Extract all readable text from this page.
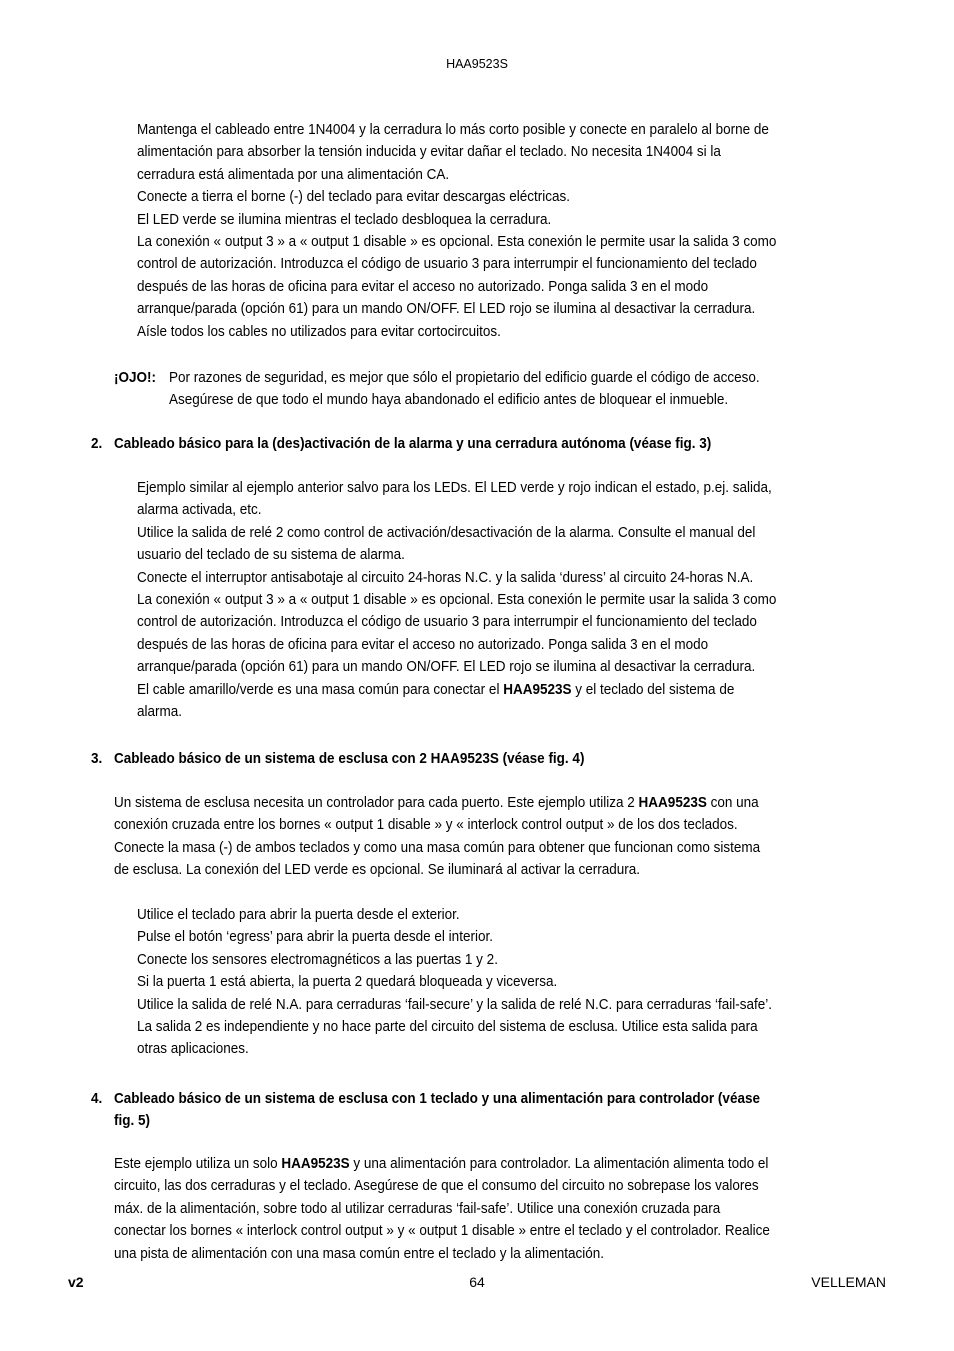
HAA9523S
Mantenga el cableado entre 1N4004 y la cerradura lo más corto posible y conecte en paralelo al borne de
alimentación para absorber la tensión inducida y evitar dañar el teclado. No necesita 1N4004 si la
cerradura está alimentada por una alimentación CA.
Conecte a tierra el borne (-) del teclado para evitar descargas eléctricas.
El LED verde se ilumina mientras el teclado desbloquea la cerradura.
La conexión « output 3 » a « output 1 disable » es opcional. Esta conexión le permite usar la salida 3 como
control de autorización. Introduzca el código de usuario 3 para interrumpir el funcionamiento del teclado
después de las horas de oficina para evitar el acceso no autorizado. Ponga salida 3 en el modo
arranque/parada (opción 61) para un mando ON/OFF. El LED rojo se ilumina al desactivar la cerradura.
Aísle todos los cables no utilizados para evitar cortocircuitos.
¡OJO!: Por razones de seguridad, es mejor que sólo el propietario del edificio guarde el código de acceso.
Asegúrese de que todo el mundo haya abandonado el edificio antes de bloquear el inmueble.
2. Cableado básico para la (des)activación de la alarma y una cerradura autónoma (véase fig. 3)
Ejemplo similar al ejemplo anterior salvo para los LEDs. El LED verde y rojo indican el estado, p.ej. salida,
alarma activada, etc.
Utilice la salida de relé 2 como control de activación/desactivación de la alarma. Consulte el manual del
usuario del teclado de su sistema de alarma.
Conecte el interruptor antisabotaje al circuito 24-horas N.C. y la salida ‘duress’ al circuito 24-horas N.A.
La conexión « output 3 » a « output 1 disable » es opcional. Esta conexión le permite usar la salida 3 como
control de autorización. Introduzca el código de usuario 3 para interrumpir el funcionamiento del teclado
después de las horas de oficina para evitar el acceso no autorizado. Ponga salida 3 en el modo
arranque/parada (opción 61) para un mando ON/OFF. El LED rojo se ilumina al desactivar la cerradura.
El cable amarillo/verde es una masa común para conectar el HAA9523S y el teclado del sistema de
alarma.
3. Cableado básico de un sistema de esclusa con 2 HAA9523S (véase fig. 4)
Un sistema de esclusa necesita un controlador para cada puerto. Este ejemplo utiliza 2 HAA9523S con una
conexión cruzada entre los bornes « output 1 disable » y « interlock control output » de los dos teclados.
Conecte la masa (-) de ambos teclados y como una masa común para obtener que funcionan como sistema
de esclusa. La conexión del LED verde es opcional. Se iluminará al activar la cerradura.
Utilice el teclado para abrir la puerta desde el exterior.
Pulse el botón ‘egress’ para abrir la puerta desde el interior.
Conecte los sensores electromagnéticos a las puertas 1 y 2.
Si la puerta 1 está abierta, la puerta 2 quedará bloqueada y viceversa.
Utilice la salida de relé N.A. para cerraduras ‘fail-secure’ y la salida de relé N.C. para cerraduras ‘fail-safe’.
La salida 2 es independiente y no hace parte del circuito del sistema de esclusa. Utilice esta salida para
otras aplicaciones.
4. Cableado básico de un sistema de esclusa con 1 teclado y una alimentación para controlador (véase
fig. 5)
Este ejemplo utiliza un solo HAA9523S y una alimentación para controlador. La alimentación alimenta todo el
circuito, las dos cerraduras y el teclado. Asegúrese de que el consumo del circuito no sobrepase los valores
máx. de la alimentación, sobre todo al utilizar cerraduras ‘fail-safe’. Utilice una conexión cruzada para
conectar los bornes « interlock control output » y « output 1 disable » entre el teclado y el controlador. Realice
una pista de alimentación con una masa común entre el teclado y la alimentación.
v2	64	VELLEMAN
